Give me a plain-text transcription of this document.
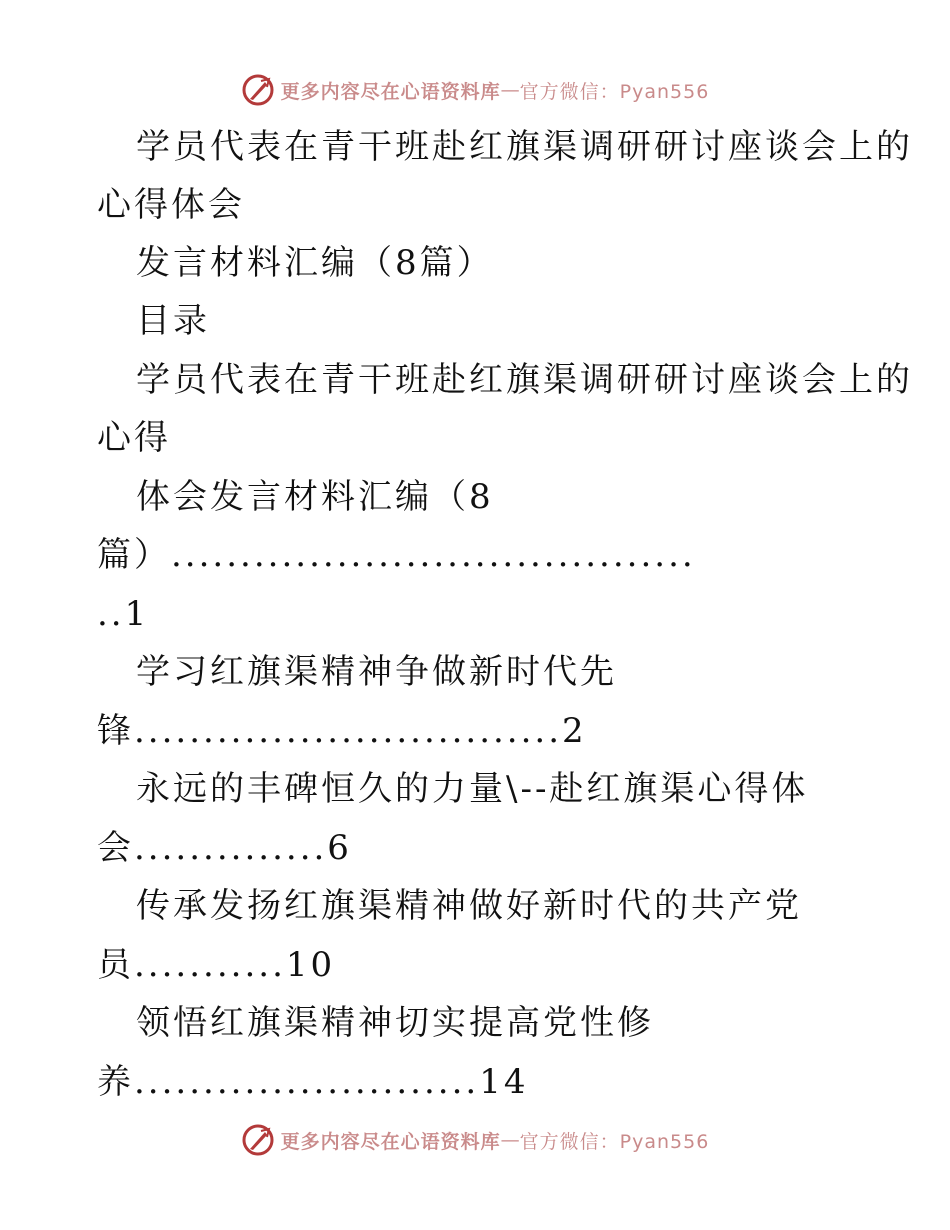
更多内容尽在心语资料库 — 官方微信：Pyan556
学员代表在青干班赴红旗渠调研研讨座谈会上的
心得体会
发言材料汇编（8篇）
目录
学员代表在青干班赴红旗渠调研研讨座谈会上的
心得
体会发言材料汇编（8
篇）......................................
..1
学习红旗渠精神争做新时代先
锋...............................2
永远的丰碑恒久的力量\--赴红旗渠心得体
会..............6
传承发扬红旗渠精神做好新时代的共产党
员...........10
领悟红旗渠精神切实提高党性修
养.........................14
更多内容尽在心语资料库 — 官方微信：Pyan556
